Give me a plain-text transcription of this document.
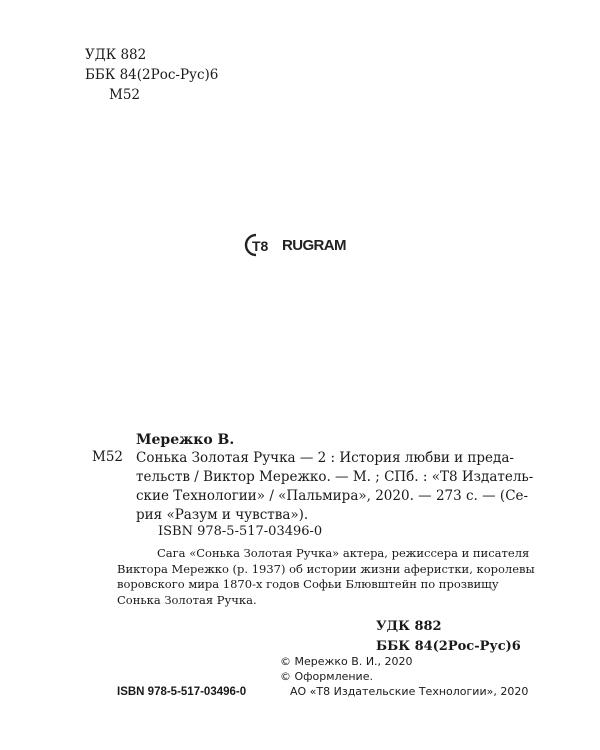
УДК 882
ББК 84(2Рос-Рус)6
М52
T8 RUGRAM
Мережко В.
М52 Сонька Золотая Ручка — 2 : История любви и преда-
тельств / Виктор Мережко. — М. ; СПб. : «Т8 Издатель-
ские Технологии» / «Пальмира», 2020. — 273 с. — (Се-
рия «Разум и чувства»).
ISBN 978-5-517-03496-0
Сага «Сонька Золотая Ручка» актера, режиссера и писателя
Виктора Мережко (р. 1937) об истории жизни аферистки, королевы
воровского мира 1870-х годов Софьи Блювштейн по прозвищу
Сонька Золотая Ручка.
УДК 882
ББК 84(2Рос-Рус)6
© Мережко В. И., 2020
© Оформление.
АО «Т8 Издательские Технологии», 2020
ISBN 978-5-517-03496-0
